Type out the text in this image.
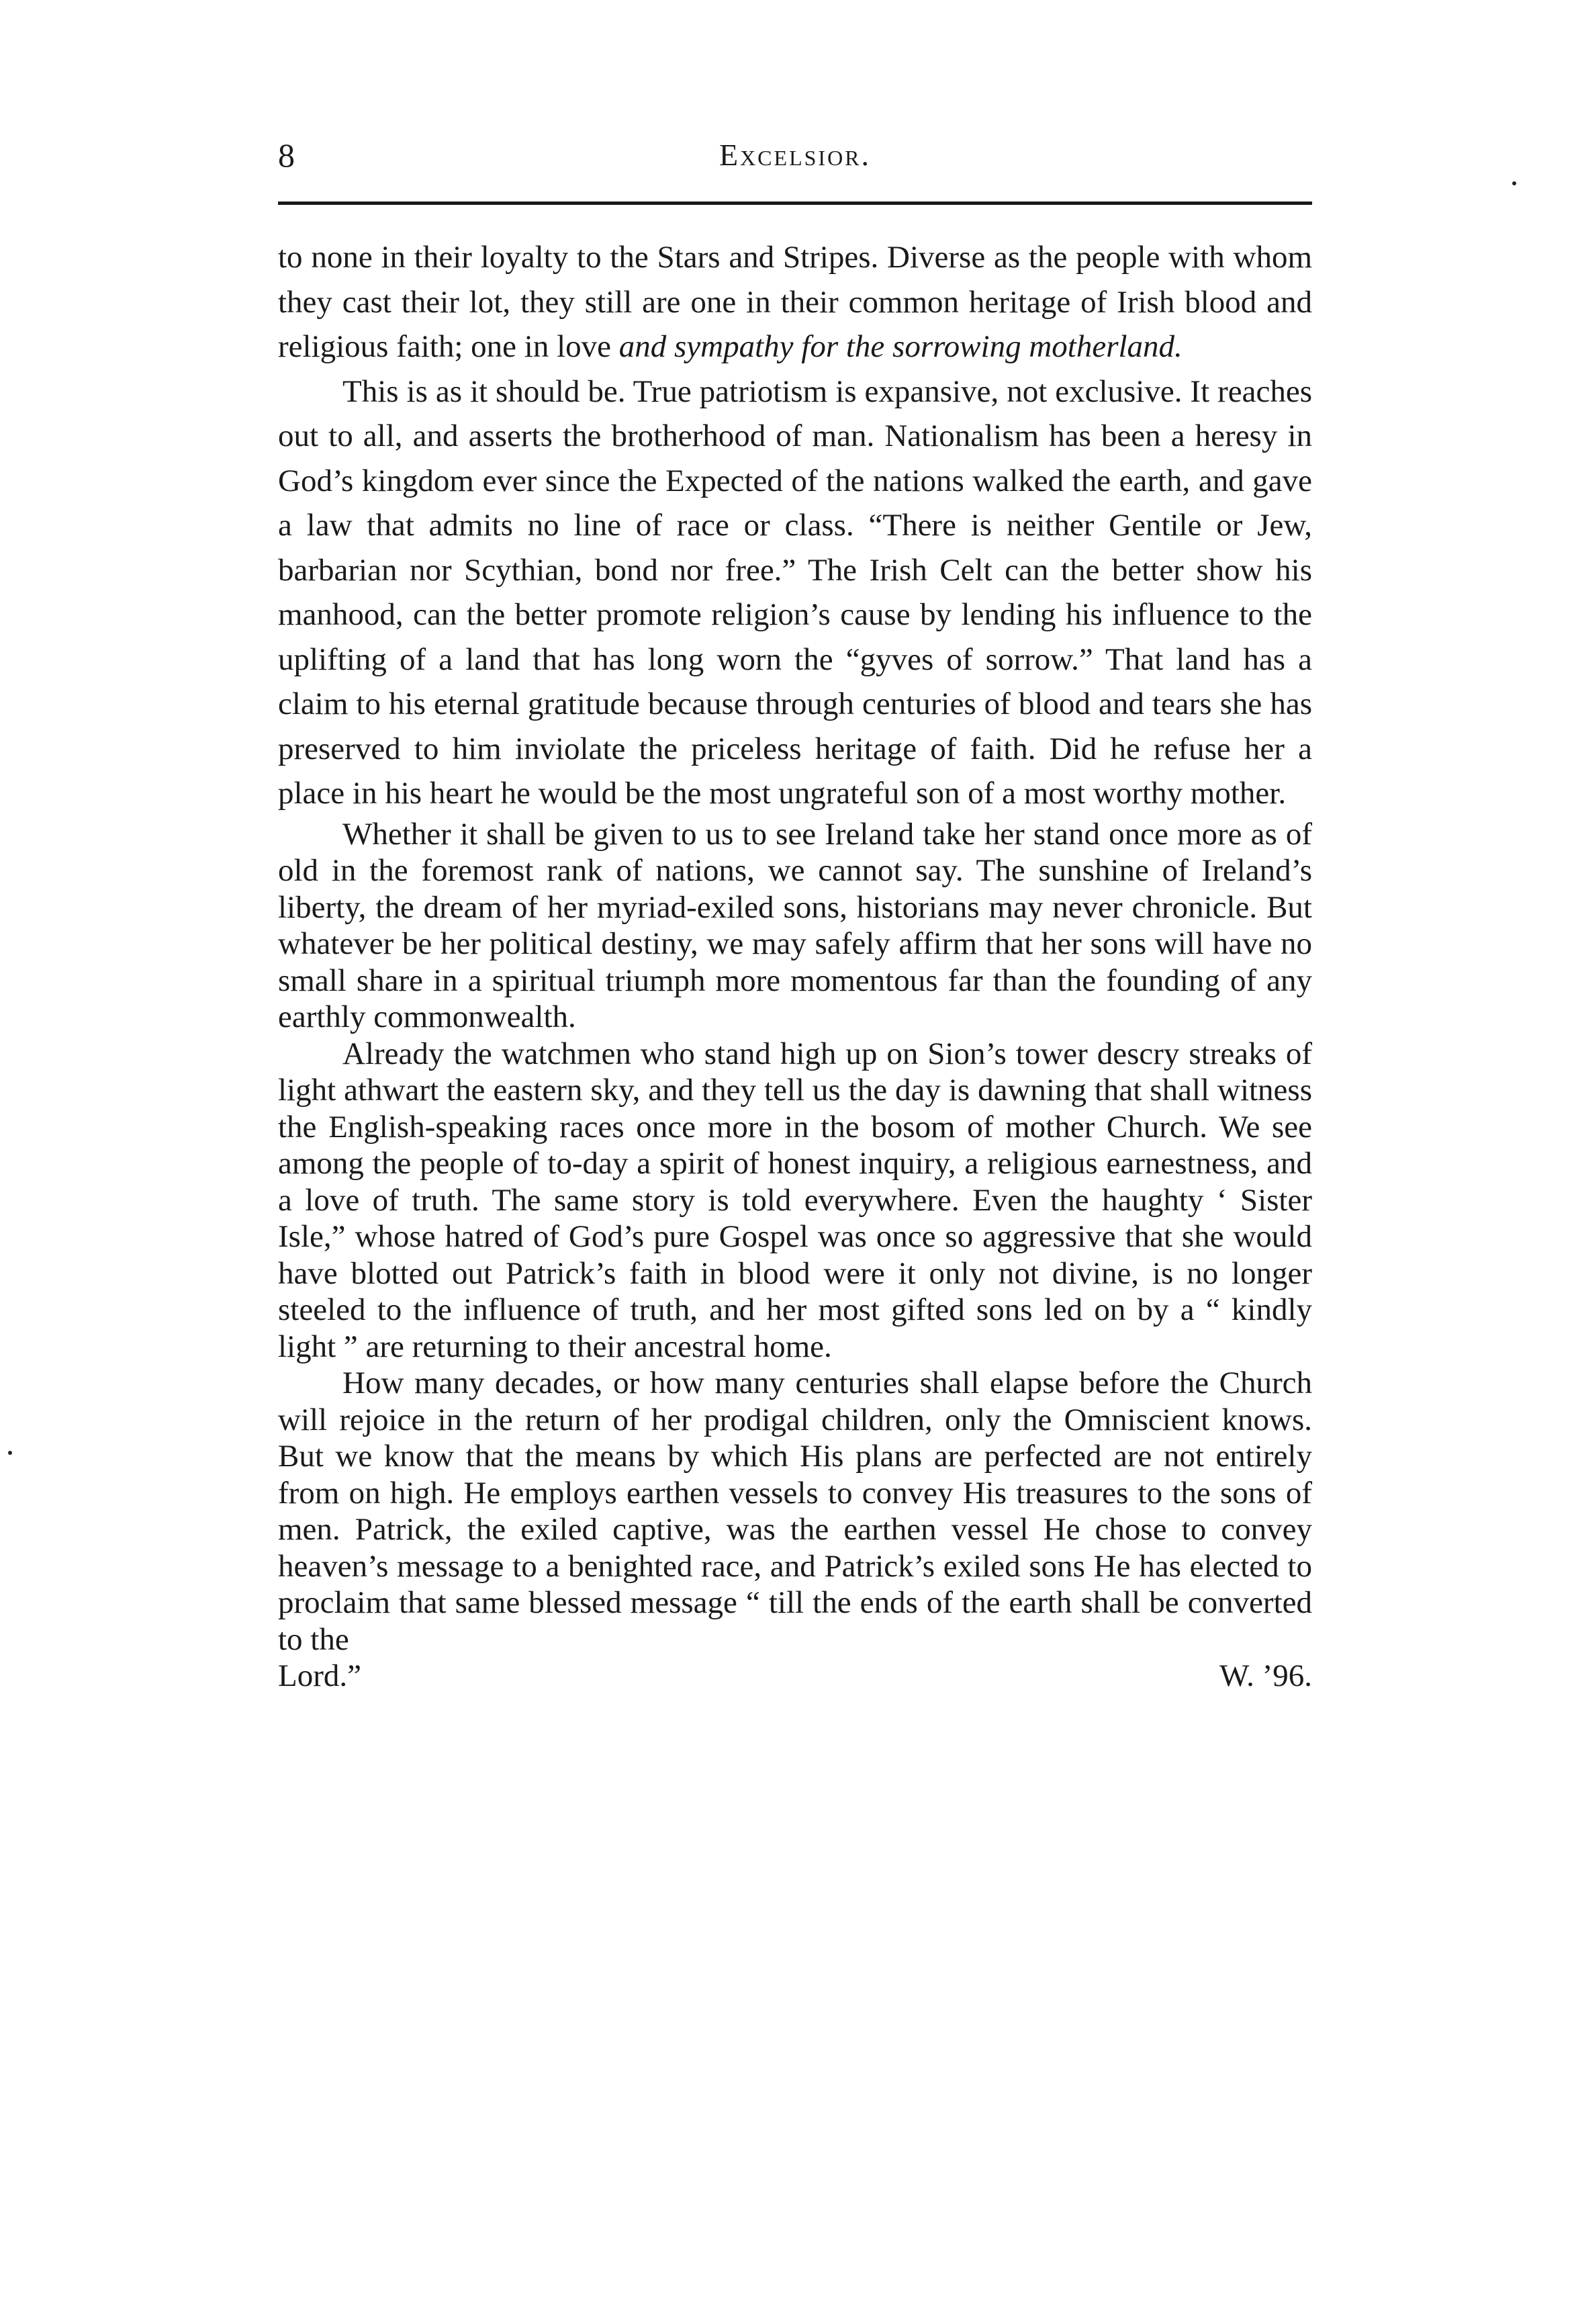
8	Excelsior.

to none in their loyalty to the Stars and Stripes. Diverse as the people with whom they cast their lot, they still are one in their common heritage of Irish blood and religious faith; one in love and sympathy for the sorrowing motherland.

This is as it should be. True patriotism is expansive, not exclusive. It reaches out to all, and asserts the brotherhood of man. Nationalism has been a heresy in God’s kingdom ever since the Expected of the nations walked the earth, and gave a law that admits no line of race or class. “There is neither Gentile or Jew, barbarian nor Scythian, bond nor free.” The Irish Celt can the better show his manhood, can the better promote religion’s cause by lending his influence to the uplifting of a land that has long worn the “gyves of sorrow.” That land has a claim to his eternal gratitude because through centuries of blood and tears she has preserved to him inviolate the priceless heritage of faith. Did he refuse her a place in his heart he would be the most ungrateful son of a most worthy mother.

Whether it shall be given to us to see Ireland take her stand once more as of old in the foremost rank of nations, we cannot say. The sunshine of Ireland’s liberty, the dream of her myriad-exiled sons, historians may never chronicle. But whatever be her political destiny, we may safely affirm that her sons will have no small share in a spiritual triumph more momentous far than the founding of any earthly commonwealth.

Already the watchmen who stand high up on Sion’s tower descry streaks of light athwart the eastern sky, and they tell us the day is dawning that shall witness the English-speaking races once more in the bosom of mother Church. We see among the people of to-day a spirit of honest inquiry, a religious earnestness, and a love of truth. The same story is told everywhere. Even the haughty ‘ Sister Isle,” whose hatred of God’s pure Gospel was once so aggressive that she would have blotted out Patrick’s faith in blood were it only not divine, is no longer steeled to the influence of truth, and her most gifted sons led on by a “ kindly light ” are returning to their ancestral home.

How many decades, or how many centuries shall elapse before the Church will rejoice in the return of her prodigal children, only the Omniscient knows. But we know that the means by which His plans are perfected are not entirely from on high. He employs earthen vessels to convey His treasures to the sons of men. Patrick, the exiled captive, was the earthen vessel He chose to convey heaven’s message to a benighted race, and Patrick’s exiled sons He has elected to proclaim that same blessed message “ till the ends of the earth shall be converted to the

Lord.”	W. ’96.
